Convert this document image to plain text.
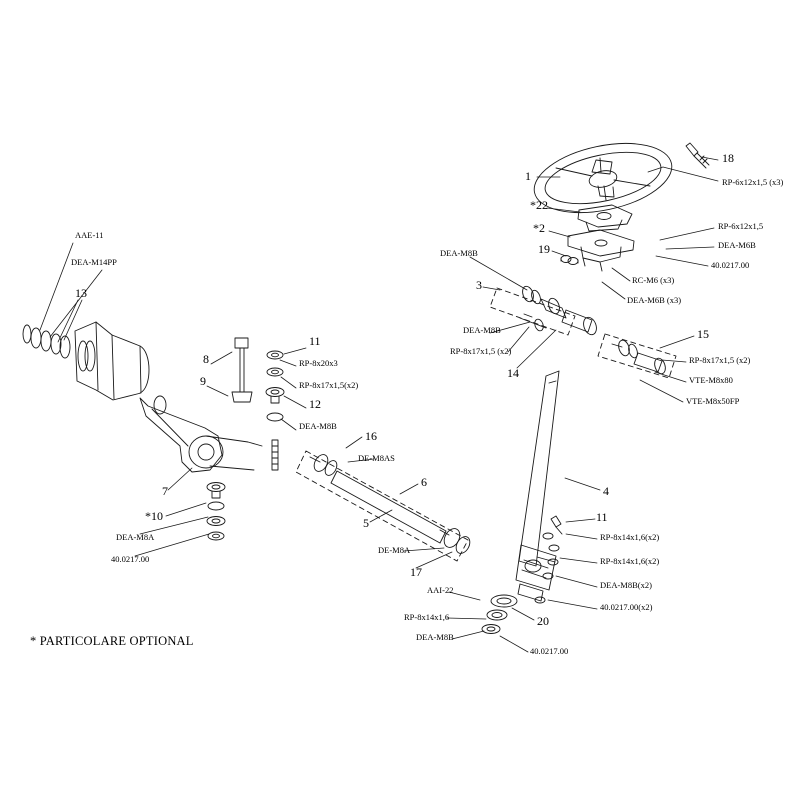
1
18
*22
*2
19
3
15
14
8
11
9
12
13
16
6
5
7
*10
17
4
11
20
AAE-11
DEA-M14PP
RP-8x20x3
RP-8x17x1,5(x2)
DEA-M8B
DE-M8AS
DE-M8A
DEA-M8A
40.0217.00
AAI-22
RP-8x14x1,6
DEA-M8B
40.0217.00
RP-6x12x1,5 (x3)
RP-6x12x1,5
DEA-M6B
40.0217.00
RC-M6 (x3)
DEA-M6B (x3)
DEA-M8B
DEA-M8B
RP-8x17x1,5 (x2)
RP-8x17x1,5 (x2)
VTE-M8x80
VTE-M8x50FP
RP-8x14x1,6(x2)
RP-8x14x1,6(x2)
DEA-M8B(x2)
40.0217.00(x2)
* PARTICOLARE OPTIONAL
